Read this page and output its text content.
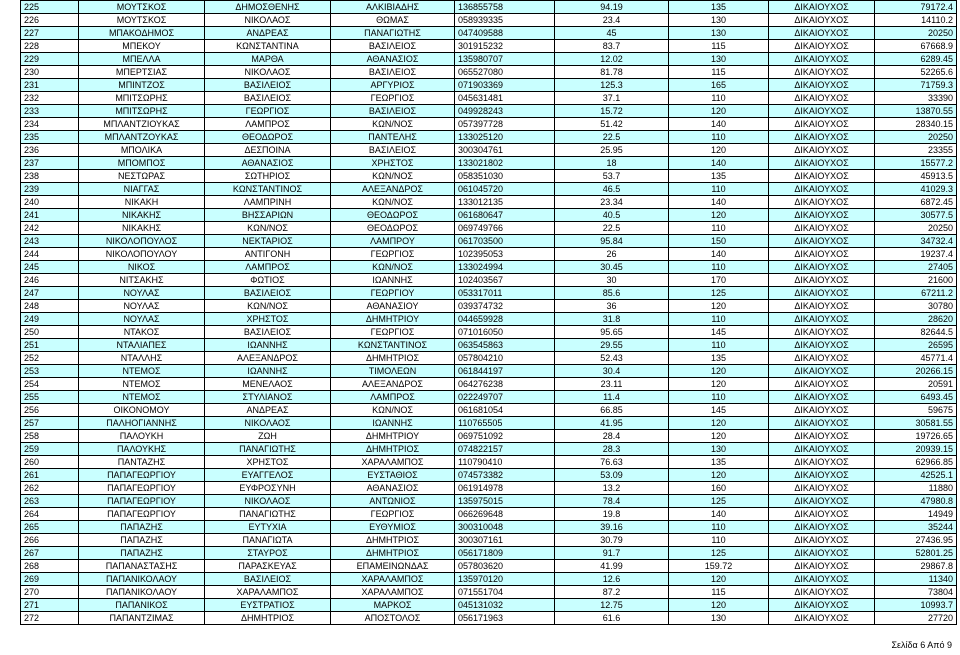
225	ΜΟΥΤΣΚΟΣ	ΔΗΜΟΣΘΕΝΗΣ	ΑΛΚΙΒΙΑΔΗΣ	136855758	94.19	135	ΔΙΚΑΙΟΥΧΟΣ	79172.4
226	ΜΟΥΤΣΚΟΣ	ΝΙΚΟΛΑΟΣ	ΘΩΜΑΣ	058939335	23.4	130	ΔΙΚΑΙΟΥΧΟΣ	14110.2
227	ΜΠΑΚΟΔΗΜΟΣ	ΑΝΔΡΕΑΣ	ΠΑΝΑΓΙΩΤΗΣ	047409588	45	130	ΔΙΚΑΙΟΥΧΟΣ	20250
228	ΜΠΕΚΟΥ	ΚΩΝΣΤΑΝΤΙΝΑ	ΒΑΣΙΛΕΙΟΣ	301915232	83.7	115	ΔΙΚΑΙΟΥΧΟΣ	67668.9
229	ΜΠΕΛΛΑ	ΜΑΡΘΑ	ΑΘΑΝΑΣΙΟΣ	135980707	12.02	130	ΔΙΚΑΙΟΥΧΟΣ	6289.45
230	ΜΠΕΡΤΣΙΑΣ	ΝΙΚΟΛΑΟΣ	ΒΑΣΙΛΕΙΟΣ	065527080	81.78	115	ΔΙΚΑΙΟΥΧΟΣ	52265.6
231	ΜΠΙΝΤΖΟΣ	ΒΑΣΙΛΕΙΟΣ	ΑΡΓΥΡΙΟΣ	071903369	125.3	165	ΔΙΚΑΙΟΥΧΟΣ	71759.3
232	ΜΠΙΤΣΩΡΗΣ	ΒΑΣΙΛΕΙΟΣ	ΓΕΩΡΓΙΟΣ	045631481	37.1	110	ΔΙΚΑΙΟΥΧΟΣ	33390
233	ΜΠΙΤΣΩΡΗΣ	ΓΕΩΡΓΙΟΣ	ΒΑΣΙΛΕΙΟΣ	049928243	15.72	120	ΔΙΚΑΙΟΥΧΟΣ	13870.55
234	ΜΠΛΑΝΤΖΙΟΥΚΑΣ	ΛΑΜΠΡΟΣ	ΚΩΝ/ΝΟΣ	057397728	51.42	140	ΔΙΚΑΙΟΥΧΟΣ	28340.15
235	ΜΠΛΑΝΤΖΟΥΚΑΣ	ΘΕΟΔΩΡΟΣ	ΠΑΝΤΕΛΗΣ	133025120	22.5	110	ΔΙΚΑΙΟΥΧΟΣ	20250
236	ΜΠΟΛΙΚΑ	ΔΕΣΠΟΙΝΑ	ΒΑΣΙΛΕΙΟΣ	300304761	25.95	120	ΔΙΚΑΙΟΥΧΟΣ	23355
237	ΜΠΟΜΠΟΣ	ΑΘΑΝΑΣΙΟΣ	ΧΡΗΣΤΟΣ	133021802	18	140	ΔΙΚΑΙΟΥΧΟΣ	15577.2
238	ΝΕΣΤΩΡΑΣ	ΣΩΤΗΡΙΟΣ	ΚΩΝ/ΝΟΣ	058351030	53.7	135	ΔΙΚΑΙΟΥΧΟΣ	45913.5
239	ΝΙΑΓΓΑΣ	ΚΩΝΣΤΑΝΤΙΝΟΣ	ΑΛΕΞΑΝΔΡΟΣ	061045720	46.5	110	ΔΙΚΑΙΟΥΧΟΣ	41029.3
240	ΝΙΚΑΚΗ	ΛΑΜΠΡΙΝΗ	ΚΩΝ/ΝΟΣ	133012135	23.34	140	ΔΙΚΑΙΟΥΧΟΣ	6872.45
241	ΝΙΚΑΚΗΣ	ΒΗΣΣΑΡΙΩΝ	ΘΕΟΔΩΡΟΣ	061680647	40.5	120	ΔΙΚΑΙΟΥΧΟΣ	30577.5
242	ΝΙΚΑΚΗΣ	ΚΩΝ/ΝΟΣ	ΘΕΟΔΩΡΟΣ	069749766	22.5	110	ΔΙΚΑΙΟΥΧΟΣ	20250
243	ΝΙΚΟΛΟΠΟΥΛΟΣ	ΝΕΚΤΑΡΙΟΣ	ΛΑΜΠΡΟΥ	061703500	95.84	150	ΔΙΚΑΙΟΥΧΟΣ	34732.4
244	ΝΙΚΟΛΟΠΟΥΛΟΥ	ΑΝΤΙΓΟΝΗ	ΓΕΩΡΓΙΟΣ	102395053	26	140	ΔΙΚΑΙΟΥΧΟΣ	19237.4
245	ΝΙΚΟΣ	ΛΑΜΠΡΟΣ	ΚΩΝ/ΝΟΣ	133024994	30.45	110	ΔΙΚΑΙΟΥΧΟΣ	27405
246	ΝΙΤΣΑΚΗΣ	ΦΩΤΙΟΣ	ΙΩΑΝΝΗΣ	102403567	30	170	ΔΙΚΑΙΟΥΧΟΣ	21600
247	ΝΟΥΛΑΣ	ΒΑΣΙΛΕΙΟΣ	ΓΕΩΡΓΙΟΥ	053317011	85.6	125	ΔΙΚΑΙΟΥΧΟΣ	67211.2
248	ΝΟΥΛΑΣ	ΚΩΝ/ΝΟΣ	ΑΘΑΝΑΣΙΟΥ	039374732	36	120	ΔΙΚΑΙΟΥΧΟΣ	30780
249	ΝΟΥΛΑΣ	ΧΡΗΣΤΟΣ	ΔΗΜΗΤΡΙΟΥ	044659928	31.8	110	ΔΙΚΑΙΟΥΧΟΣ	28620
250	ΝΤΑΚΟΣ	ΒΑΣΙΛΕΙΟΣ	ΓΕΩΡΓΙΟΣ	071016050	95.65	145	ΔΙΚΑΙΟΥΧΟΣ	82644.5
251	ΝΤΑΛΙΑΠΕΣ	ΙΩΑΝΝΗΣ	ΚΩΝΣΤΑΝΤΙΝΟΣ	063545863	29.55	110	ΔΙΚΑΙΟΥΧΟΣ	26595
252	ΝΤΑΛΛΗΣ	ΑΛΕΞΑΝΔΡΟΣ	ΔΗΜΗΤΡΙΟΣ	057804210	52.43	135	ΔΙΚΑΙΟΥΧΟΣ	45771.4
253	ΝΤΕΜΟΣ	ΙΩΑΝΝΗΣ	ΤΙΜΟΛΕΩΝ	061844197	30.4	120	ΔΙΚΑΙΟΥΧΟΣ	20266.15
254	ΝΤΕΜΟΣ	ΜΕΝΕΛΑΟΣ	ΑΛΕΞΑΝΔΡΟΣ	064276238	23.11	120	ΔΙΚΑΙΟΥΧΟΣ	20591
255	ΝΤΕΜΟΣ	ΣΤΥΛΙΑΝΟΣ	ΛΑΜΠΡΟΣ	022249707	11.4	110	ΔΙΚΑΙΟΥΧΟΣ	6493.45
256	ΟΙΚΟΝΟΜΟΥ	ΑΝΔΡΕΑΣ	ΚΩΝ/ΝΟΣ	061681054	66.85	145	ΔΙΚΑΙΟΥΧΟΣ	59675
257	ΠΑΛΗΟΓΙΑΝΝΗΣ	ΝΙΚΟΛΑΟΣ	ΙΩΑΝΝΗΣ	110765505	41.95	120	ΔΙΚΑΙΟΥΧΟΣ	30581.55
258	ΠΑΛΟΥΚΗ	ΖΩΗ	ΔΗΜΗΤΡΙΟΥ	069751092	28.4	120	ΔΙΚΑΙΟΥΧΟΣ	19726.65
259	ΠΑΛΟΥΚΗΣ	ΠΑΝΑΓΙΩΤΗΣ	ΔΗΜΗΤΡΙΟΣ	074822157	28.3	130	ΔΙΚΑΙΟΥΧΟΣ	20939.15
260	ΠΑΝΤΑΖΗΣ	ΧΡΗΣΤΟΣ	ΧΑΡΑΛΑΜΠΟΣ	110790410	76.63	135	ΔΙΚΑΙΟΥΧΟΣ	62966.85
261	ΠΑΠΑΓΕΩΡΓΙΟΥ	ΕΥΑΓΓΕΛΟΣ	ΕΥΣΤΑΘΙΟΣ	074573382	53.09	120	ΔΙΚΑΙΟΥΧΟΣ	42525.1
262	ΠΑΠΑΓΕΩΡΓΙΟΥ	ΕΥΦΡΟΣΥΝΗ	ΑΘΑΝΑΣΙΟΣ	061914978	13.2	160	ΔΙΚΑΙΟΥΧΟΣ	11880
263	ΠΑΠΑΓΕΩΡΓΙΟΥ	ΝΙΚΟΛΑΟΣ	ΑΝΤΩΝΙΟΣ	135975015	78.4	125	ΔΙΚΑΙΟΥΧΟΣ	47980.8
264	ΠΑΠΑΓΕΩΡΓΙΟΥ	ΠΑΝΑΓΙΩΤΗΣ	ΓΕΩΡΓΙΟΣ	066269648	19.8	140	ΔΙΚΑΙΟΥΧΟΣ	14949
265	ΠΑΠΑΖΗΣ	ΕΥΤΥΧΙΑ	ΕΥΘΥΜΙΟΣ	300310048	39.16	110	ΔΙΚΑΙΟΥΧΟΣ	35244
266	ΠΑΠΑΖΗΣ	ΠΑΝΑΓΙΩΤΑ	ΔΗΜΗΤΡΙΟΣ	300307161	30.79	110	ΔΙΚΑΙΟΥΧΟΣ	27436.95
267	ΠΑΠΑΖΗΣ	ΣΤΑΥΡΟΣ	ΔΗΜΗΤΡΙΟΣ	056171809	91.7	125	ΔΙΚΑΙΟΥΧΟΣ	52801.25
268	ΠΑΠΑΝΑΣΤΑΣΗΣ	ΠΑΡΑΣΚΕΥΑΣ	ΕΠΑΜΕΙΝΩΝΔΑΣ	057803620	41.99	159.72	ΔΙΚΑΙΟΥΧΟΣ	29867.8
269	ΠΑΠΑΝΙΚΟΛΑΟΥ	ΒΑΣΙΛΕΙΟΣ	ΧΑΡΑΛΑΜΠΟΣ	135970120	12.6	120	ΔΙΚΑΙΟΥΧΟΣ	11340
270	ΠΑΠΑΝΙΚΟΛΑΟΥ	ΧΑΡΑΛΑΜΠΟΣ	ΧΑΡΑΛΑΜΠΟΣ	071551704	87.2	115	ΔΙΚΑΙΟΥΧΟΣ	73804
271	ΠΑΠΑΝΙΚΟΣ	ΕΥΣΤΡΑΤΙΟΣ	ΜΑΡΚΟΣ	045131032	12.75	120	ΔΙΚΑΙΟΥΧΟΣ	10993.7
272	ΠΑΠΑΝΤΖΙΜΑΣ	ΔΗΜΗΤΡΙΟΣ	ΑΠΟΣΤΟΛΟΣ	056171963	61.6	130	ΔΙΚΑΙΟΥΧΟΣ	27720
Σελίδα 6 Από 9
